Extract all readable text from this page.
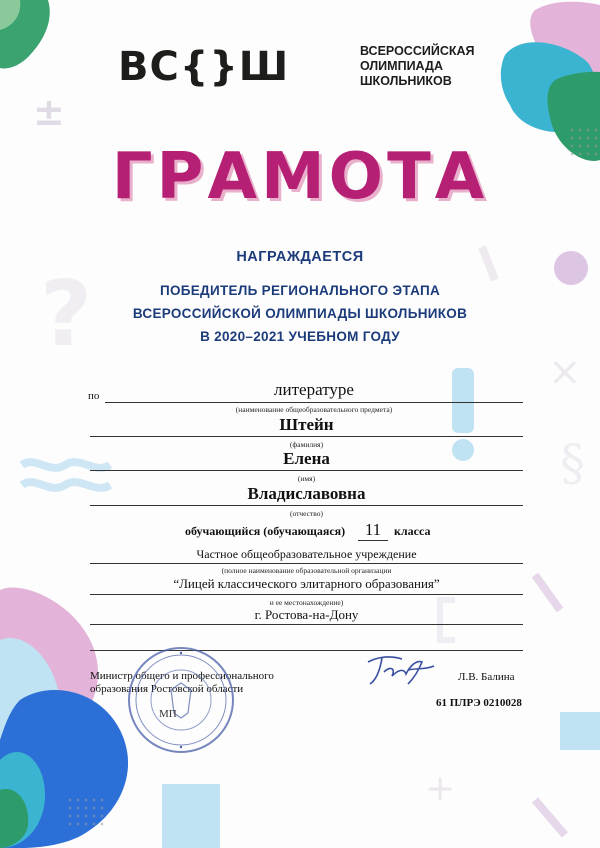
±
?
×
§
+
ВС{}Ш	ВСЕРОССИЙСКАЯ
ОЛИМПИАДА
ШКОЛЬНИКОВ
ГРАМОТА
НАГРАЖДАЕТСЯ
ПОБЕДИТЕЛЬ РЕГИОНАЛЬНОГО ЭТАПА
ВСЕРОССИЙСКОЙ ОЛИМПИАДЫ ШКОЛЬНИКОВ
В 2020–2021 УЧЕБНОМ ГОДУ
по	литературе
(наименование общеобразовательного предмета)
Штейн
(фамилия)
Елена
(имя)
Владиславовна
(отчество)
обучающийся (обучающаяся)	11	класса
Частное общеобразовательное учреждение
(полное наименование образовательной организации
“Лицей классического элитарного образования”
и ее местонахождение)
г. Ростова-на-Дону
Министр общего и профессионального
образования Ростовской области
МП
Л.В. Балина
61 ПЛРЭ 0210028
